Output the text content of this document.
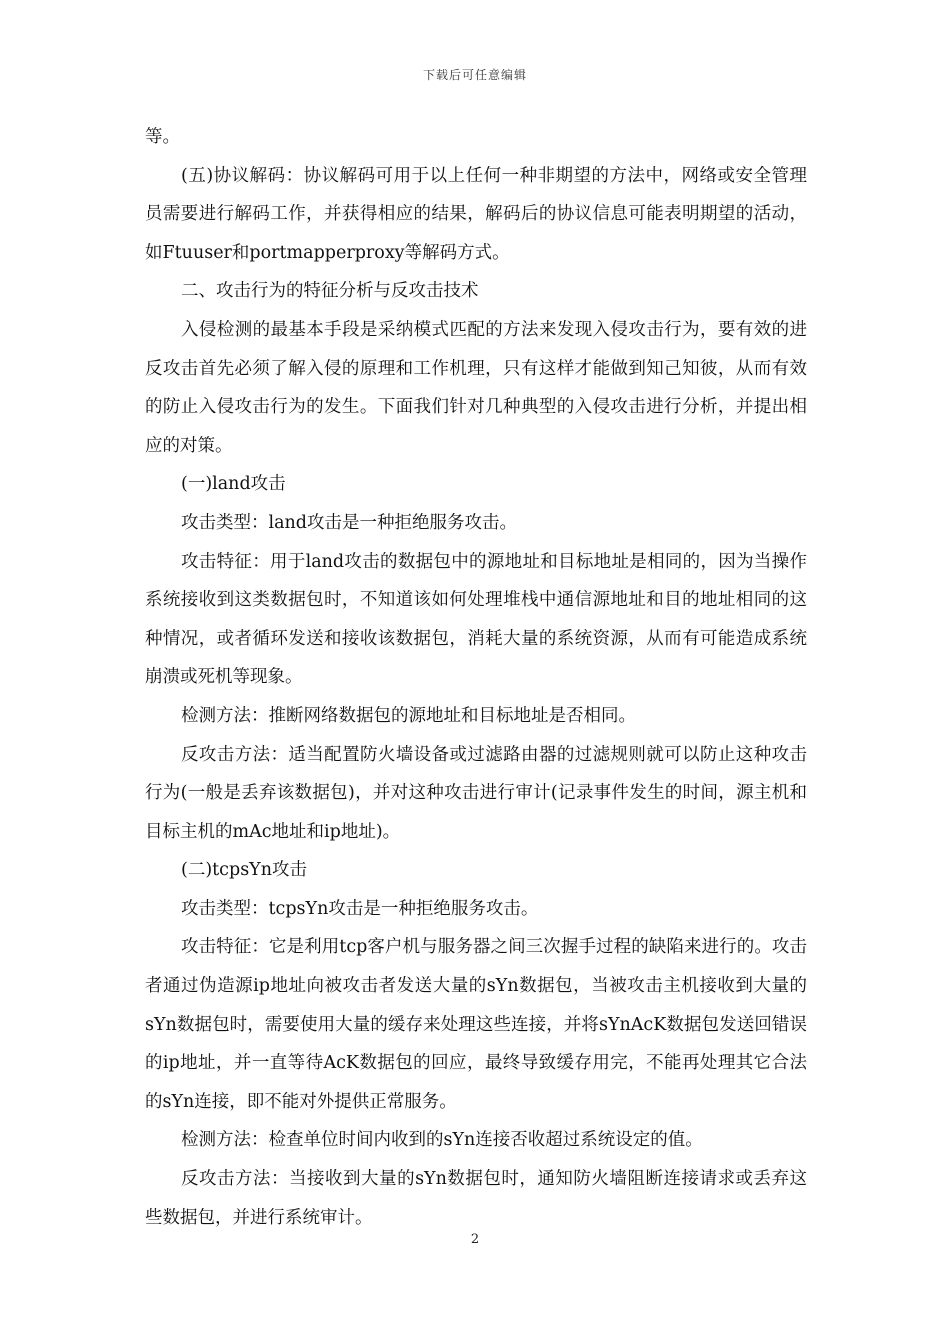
下载后可任意编辑

等。

(五)协议解码：协议解码可用于以上任何一种非期望的方法中，网络或安全管理员需要进行解码工作，并获得相应的结果，解码后的协议信息可能表明期望的活动，如Ftuuser和portmapperproxy等解码方式。

二、攻击行为的特征分析与反攻击技术

入侵检测的最基本手段是采纳模式匹配的方法来发现入侵攻击行为，要有效的进反攻击首先必须了解入侵的原理和工作机理，只有这样才能做到知己知彼，从而有效的防止入侵攻击行为的发生。下面我们针对几种典型的入侵攻击进行分析，并提出相应的对策。

(一)land攻击

攻击类型：land攻击是一种拒绝服务攻击。

攻击特征：用于land攻击的数据包中的源地址和目标地址是相同的，因为当操作系统接收到这类数据包时，不知道该如何处理堆栈中通信源地址和目的地址相同的这种情况，或者循环发送和接收该数据包，消耗大量的系统资源，从而有可能造成系统崩溃或死机等现象。

检测方法：推断网络数据包的源地址和目标地址是否相同。

反攻击方法：适当配置防火墙设备或过滤路由器的过滤规则就可以防止这种攻击行为(一般是丢弃该数据包)，并对这种攻击进行审计(记录事件发生的时间，源主机和目标主机的mAc地址和ip地址)。

(二)tcpsYn攻击

攻击类型：tcpsYn攻击是一种拒绝服务攻击。

攻击特征：它是利用tcp客户机与服务器之间三次握手过程的缺陷来进行的。攻击者通过伪造源ip地址向被攻击者发送大量的sYn数据包，当被攻击主机接收到大量的sYn数据包时，需要使用大量的缓存来处理这些连接，并将sYnAcK数据包发送回错误的ip地址，并一直等待AcK数据包的回应，最终导致缓存用完，不能再处理其它合法的sYn连接，即不能对外提供正常服务。

检测方法：检查单位时间内收到的sYn连接否收超过系统设定的值。

反攻击方法：当接收到大量的sYn数据包时，通知防火墙阻断连接请求或丢弃这些数据包，并进行系统审计。

2
